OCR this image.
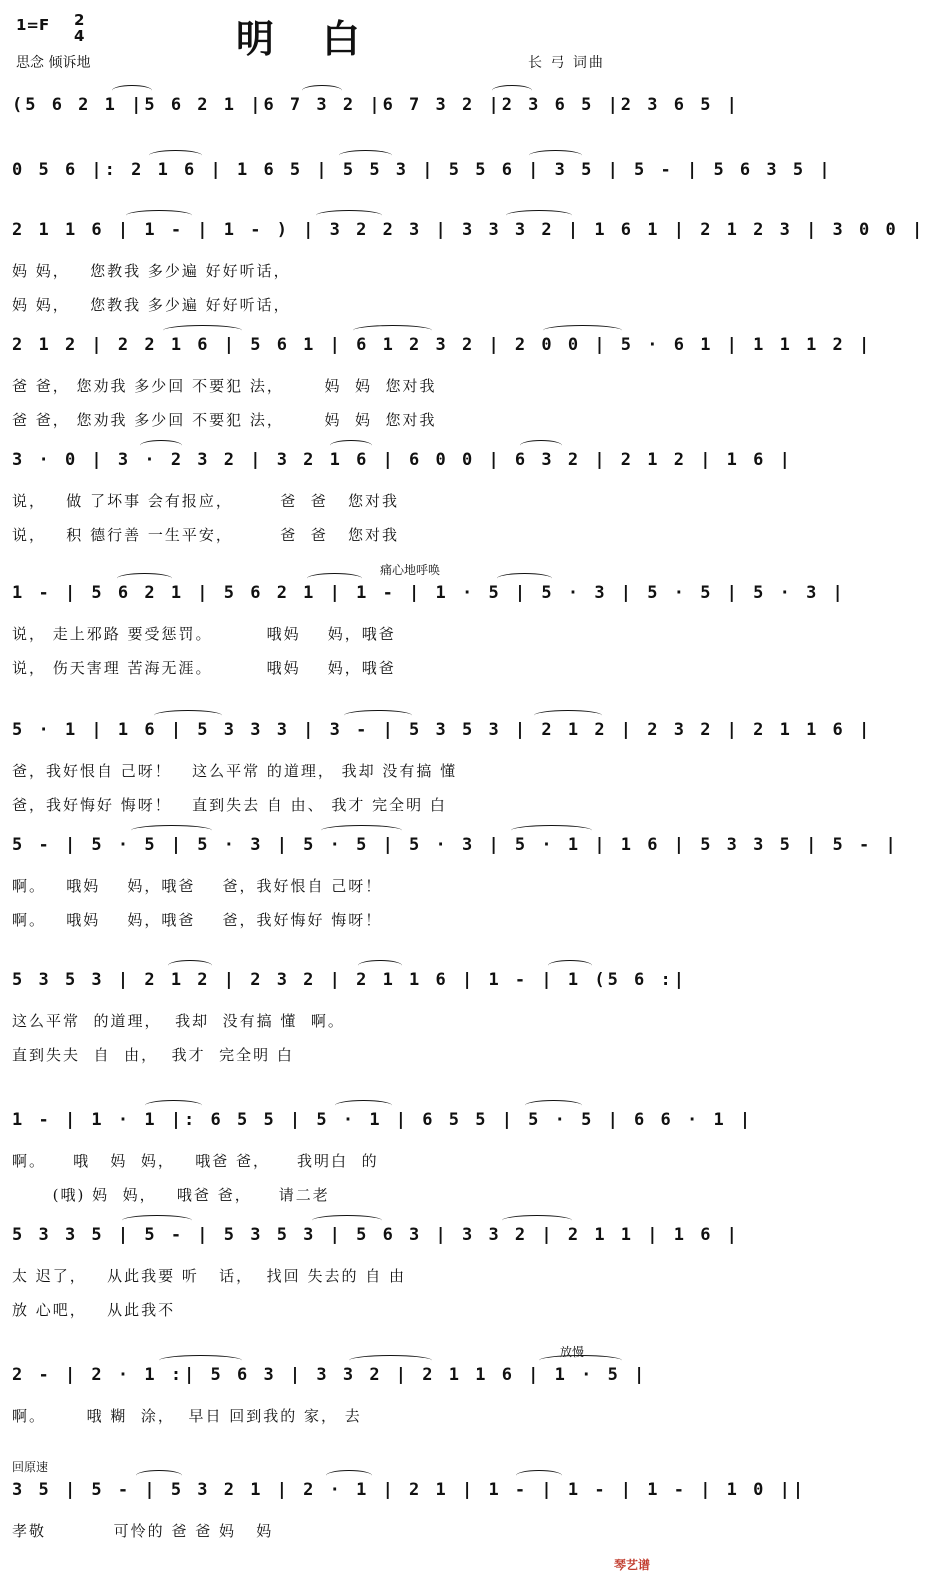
1=F 2
4	明白
思念 倾诉地	长 弓 词曲
(5 6 2 1 |5 6 2 1 |6 7 3 2 |6 7 3 2 |2 3 6 5 |2 3 6 5 |
0 5 6 |: 2 1 6 | 1 6 5 | 5 5 3 | 5 5 6 | 3 5 | 5 - | 5 6 3 5 |
2 1 1 6 | 1 - | 1 - ) | 3 2 2 3 | 3 3 3 2 | 1 6 1 | 2 1 2 3 | 3 0 0 |
妈 妈，   您教我 多少遍 好好听话，
妈 妈，   您教我 多少遍 好好听话，
2 1 2 | 2 2 1 6 | 5 6 1 | 6 1 2 3 2 | 2 0 0 | 5 · 6 1 | 1 1 1 2 |
爸 爸， 您劝我 多少回 不要犯 法，      妈  妈  您对我
爸 爸， 您劝我 多少回 不要犯 法，      妈  妈  您对我
3 · 0 | 3 · 2 3 2 | 3 2 1 6 | 6 0 0 | 6 3 2 | 2 1 2 | 1 6 |
说，   做 了坏事 会有报应，       爸  爸   您对我
说，   积 德行善 一生平安，       爸  爸   您对我
痛心地呼唤
1 - | 5 6 2 1 | 5 6 2 1 | 1 - | 1 · 5 | 5 · 3 | 5 · 5 | 5 · 3 |
说， 走上邪路 要受惩罚。        哦妈    妈，哦爸
说， 伤天害理 苦海无涯。        哦妈    妈，哦爸
5 · 1 | 1 6 | 5 3 3 3 | 3 - | 5 3 5 3 | 2 1 2 | 2 3 2 | 2 1 1 6 |
爸，我好恨自 己呀！   这么平常 的道理， 我却 没有搞 懂
爸，我好悔好 悔呀！   直到失去 自 由、 我才 完全明 白
5 - | 5 · 5 | 5 · 3 | 5 · 5 | 5 · 3 | 5 · 1 | 1 6 | 5 3 3 5 | 5 - |
啊。   哦妈    妈，哦爸    爸，我好恨自 己呀！
啊。   哦妈    妈，哦爸    爸，我好悔好 悔呀！
5 3 5 3 | 2 1 2 | 2 3 2 | 2 1 1 6 | 1 - | 1 (5 6 :|
这么平常  的道理，  我却  没有搞 懂  啊。
直到失夫  自  由，  我才  完全明 白
1 - | 1 · 1 |: 6 5 5 | 5 · 1 | 6 5 5 | 5 · 5 | 6 6 · 1 |
啊。    哦   妈  妈，   哦爸 爸，    我明白  的
(哦) 妈  妈，   哦爸 爸，    请二老
5 3 3 5 | 5 - | 5 3 5 3 | 5 6 3 | 3 3 2 | 2 1 1 | 1 6 |
太 迟了，   从此我要 听   话，  找回 失去的 自 由
放 心吧，   从此我不
放慢
2 - | 2 · 1 :| 5 6 3 | 3 3 2 | 2 1 1 6 | 1 · 5 |
啊。      哦 糊  涂，  早日 回到我的 家， 去
回原速
3 5 | 5 - | 5 3 2 1 | 2 · 1 | 2 1 | 1 - | 1 - | 1 - | 1 0 ||
孝敬          可怜的 爸 爸 妈   妈
琴艺谱
